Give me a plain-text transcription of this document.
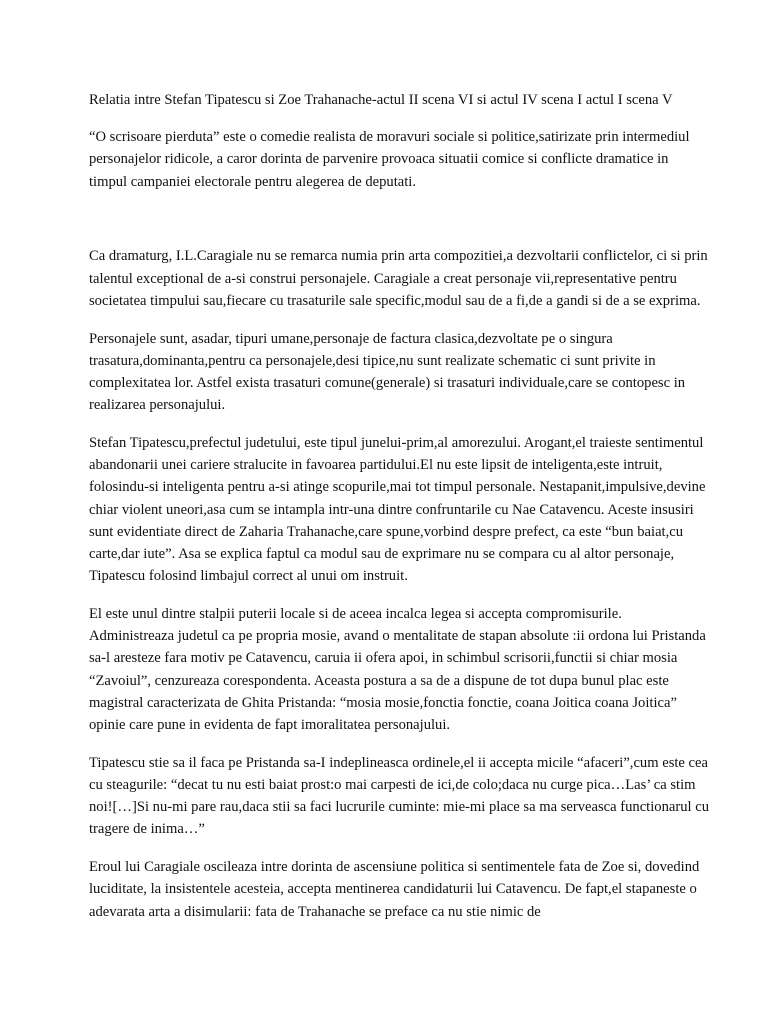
Relatia intre Stefan Tipatescu si Zoe Trahanache-actul II scena VI si actul IV scena I actul I scena V

“O scrisoare pierduta” este o comedie realista de moravuri sociale si politice,satirizate prin intermediul personajelor ridicole, a caror dorinta de parvenire provoaca situatii comice si conflicte dramatice in timpul campaniei electorale pentru alegerea de deputati.

Ca dramaturg, I.L.Caragiale nu se remarca numia prin arta compozitiei,a dezvoltarii conflictelor, ci si prin talentul exceptional de a-si construi personajele. Caragiale a creat personaje vii,representative pentru societatea timpului sau,fiecare cu trasaturile sale specific,modul sau de a fi,de a gandi si de a se exprima.

Personajele sunt, asadar, tipuri umane,personaje de factura clasica,dezvoltate pe o singura trasatura,dominanta,pentru ca personajele,desi tipice,nu sunt realizate schematic ci sunt privite in complexitatea lor. Astfel exista trasaturi comune(generale) si trasaturi individuale,care se contopesc in realizarea personajului.

Stefan Tipatescu,prefectul judetului, este tipul junelui-prim,al amorezului. Arogant,el traieste sentimentul abandonarii unei cariere stralucite in favoarea partidului.El nu este lipsit de inteligenta,este intruit, folosindu-si inteligenta pentru a-si atinge scopurile,mai tot timpul personale. Nestapanit,impulsive,devine chiar violent uneori,asa cum se intampla intr-una dintre confruntarile cu Nae Catavencu. Aceste insusiri sunt evidentiate direct de Zaharia Trahanache,care spune,vorbind despre prefect, ca este “bun baiat,cu carte,dar iute”. Asa se explica faptul ca modul sau de exprimare nu se compara cu al altor personaje, Tipatescu folosind limbajul correct al unui om instruit.

El este unul dintre stalpii puterii locale si de aceea incalca legea si accepta compromisurile. Administreaza judetul ca pe propria mosie, avand o mentalitate de stapan absolute :ii ordona lui Pristanda sa-l aresteze fara motiv pe Catavencu, caruia ii ofera apoi, in schimbul scrisorii,functii si chiar mosia “Zavoiul”, cenzureaza corespondenta. Aceasta postura a sa de a dispune de tot dupa bunul plac este magistral caracterizata de Ghita Pristanda: “mosia mosie,fonctia fonctie, coana Joitica coana Joitica” opinie care pune in evidenta de fapt imoralitatea personajului.

Tipatescu stie sa il faca pe Pristanda sa-I indeplineasca ordinele,el ii accepta micile “afaceri”,cum este cea cu steagurile: “decat tu nu esti baiat prost:o mai carpesti de ici,de colo;daca nu curge pica…Las’ ca stim noi![…]Si nu-mi pare rau,daca stii sa faci lucrurile cuminte: mie-mi place sa ma serveasca functionarul cu tragere de inima…”

Eroul lui Caragiale oscileaza intre dorinta de ascensiune politica si sentimentele fata de Zoe si, dovedind luciditate, la insistentele acesteia, accepta mentinerea candidaturii lui Catavencu. De fapt,el stapaneste o adevarata arta a disimularii: fata de Trahanache se preface ca nu stie nimic de
